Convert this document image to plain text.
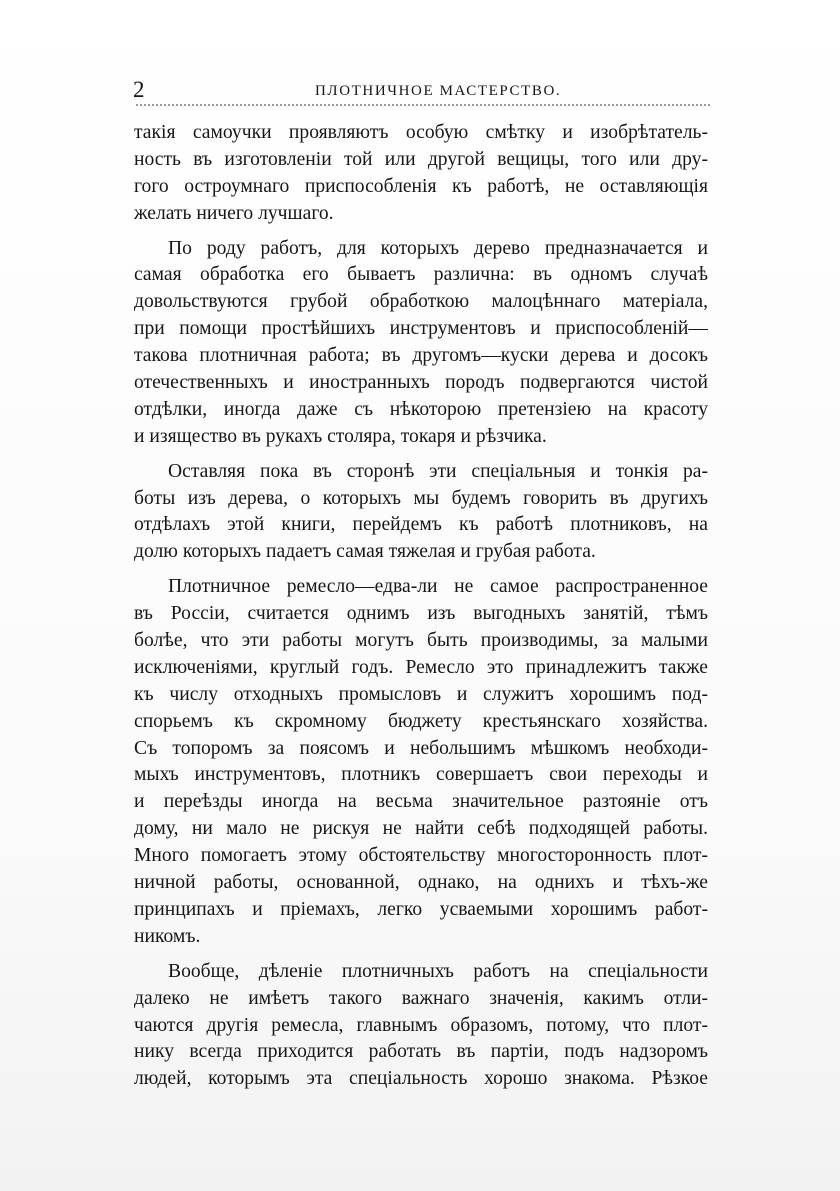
2	ПЛОТНИЧНОЕ МАСТЕРСТВО.
такія самоучки проявляютъ особую смѣтку и изобрѣтатель-
ность въ изготовленіи той или другой вещицы, того или дру-
гого остроумнаго приспособленія къ работѣ, не оставляющія
желать ничего лучшаго.
По роду работъ, для которыхъ дерево предназначается и
самая обработка его бываетъ различна: въ одномъ случаѣ
довольствуются грубой обработкою малоцѣннаго матеріала,
при помощи простѣйшихъ инструментовъ и приспособленій—
такова плотничная работа; въ другомъ—куски дерева и досокъ
отечественныхъ и иностранныхъ породъ подвергаются чистой
отдѣлки, иногда даже съ нѣкоторою претензіею на красоту
и изящество въ рукахъ столяра, токаря и рѣзчика.
Оставляя пока въ сторонѣ эти спеціальныя и тонкія ра-
боты изъ дерева, о которыхъ мы будемъ говорить въ другихъ
отдѣлахъ этой книги, перейдемъ къ работѣ плотниковъ, на
долю которыхъ падаетъ самая тяжелая и грубая работа.
Плотничное ремесло—едва-ли не самое распространенное
въ Россіи, считается однимъ изъ выгодныхъ занятій, тѣмъ
болѣе, что эти работы могутъ быть производимы, за малыми
исключеніями, круглый годъ. Ремесло это принадлежитъ также
къ числу отходныхъ промысловъ и служитъ хорошимъ под-
спорьемъ къ скромному бюджету крестьянскаго хозяйства.
Съ топоромъ за поясомъ и небольшимъ мѣшкомъ необходи-
мыхъ инструментовъ, плотникъ совершаетъ свои переходы и
и переѣзды иногда на весьма значительное разтояніе отъ
дому, ни мало не рискуя не найти себѣ подходящей работы.
Много помогаетъ этому обстоятельству многосторонность плот-
ничной работы, основанной, однако, на однихъ и тѣхъ-же
принципахъ и пріемахъ, легко усваемыми хорошимъ работ-
никомъ.
Вообще, дѣленіе плотничныхъ работъ на спеціальности
далеко не имѣетъ такого важнаго значенія, какимъ отли-
чаются другія ремесла, главнымъ образомъ, потому, что плот-
нику всегда приходится работать въ партіи, подъ надзоромъ
людей, которымъ эта спеціальность хорошо знакома. Рѣзкое
